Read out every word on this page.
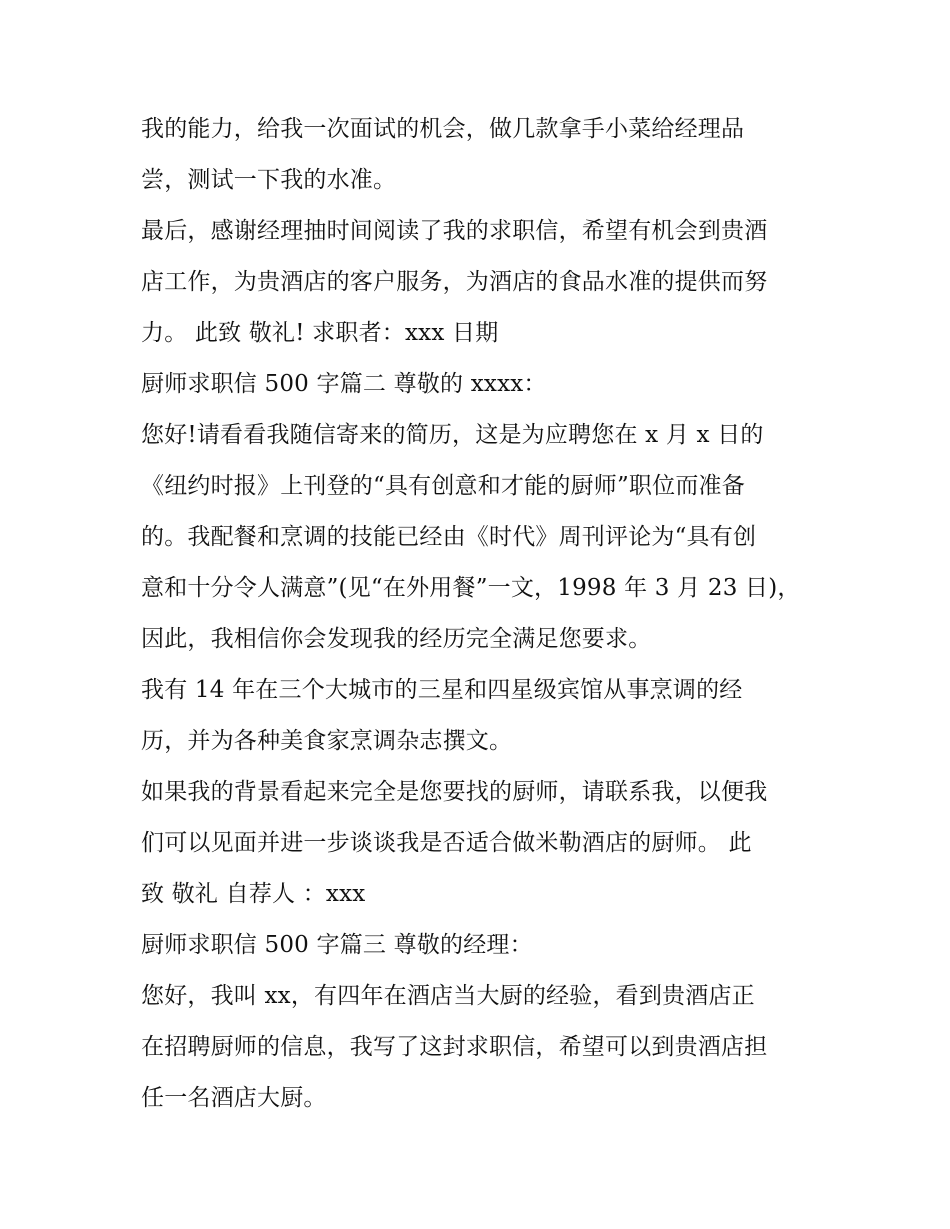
我的能力，给我一次面试的机会，做几款拿手小菜给经理品
尝，测试一下我的水准。
最后，感谢经理抽时间阅读了我的求职信，希望有机会到贵酒
店工作，为贵酒店的客户服务，为酒店的食品水准的提供而努
力。 此致 敬礼! 求职者：xxx 日期
厨师求职信 500 字篇二 尊敬的 xxxx：
您好!请看看我随信寄来的简历，这是为应聘您在 x 月 x 日的
《纽约时报》上刊登的“具有创意和才能的厨师”职位而准备
的。我配餐和烹调的技能已经由《时代》周刊评论为“具有创
意和十分令人满意”(见“在外用餐”一文，1998 年 3 月 23 日)，
因此，我相信你会发现我的经历完全满足您要求。
我有 14 年在三个大城市的三星和四星级宾馆从事烹调的经
历，并为各种美食家烹调杂志撰文。
如果我的背景看起来完全是您要找的厨师，请联系我，以便我
们可以见面并进一步谈谈我是否适合做米勒酒店的厨师。 此
致 敬礼 自荐人 ：xxx
厨师求职信 500 字篇三 尊敬的经理：
您好，我叫 xx，有四年在酒店当大厨的经验，看到贵酒店正
在招聘厨师的信息，我写了这封求职信，希望可以到贵酒店担
任一名酒店大厨。
